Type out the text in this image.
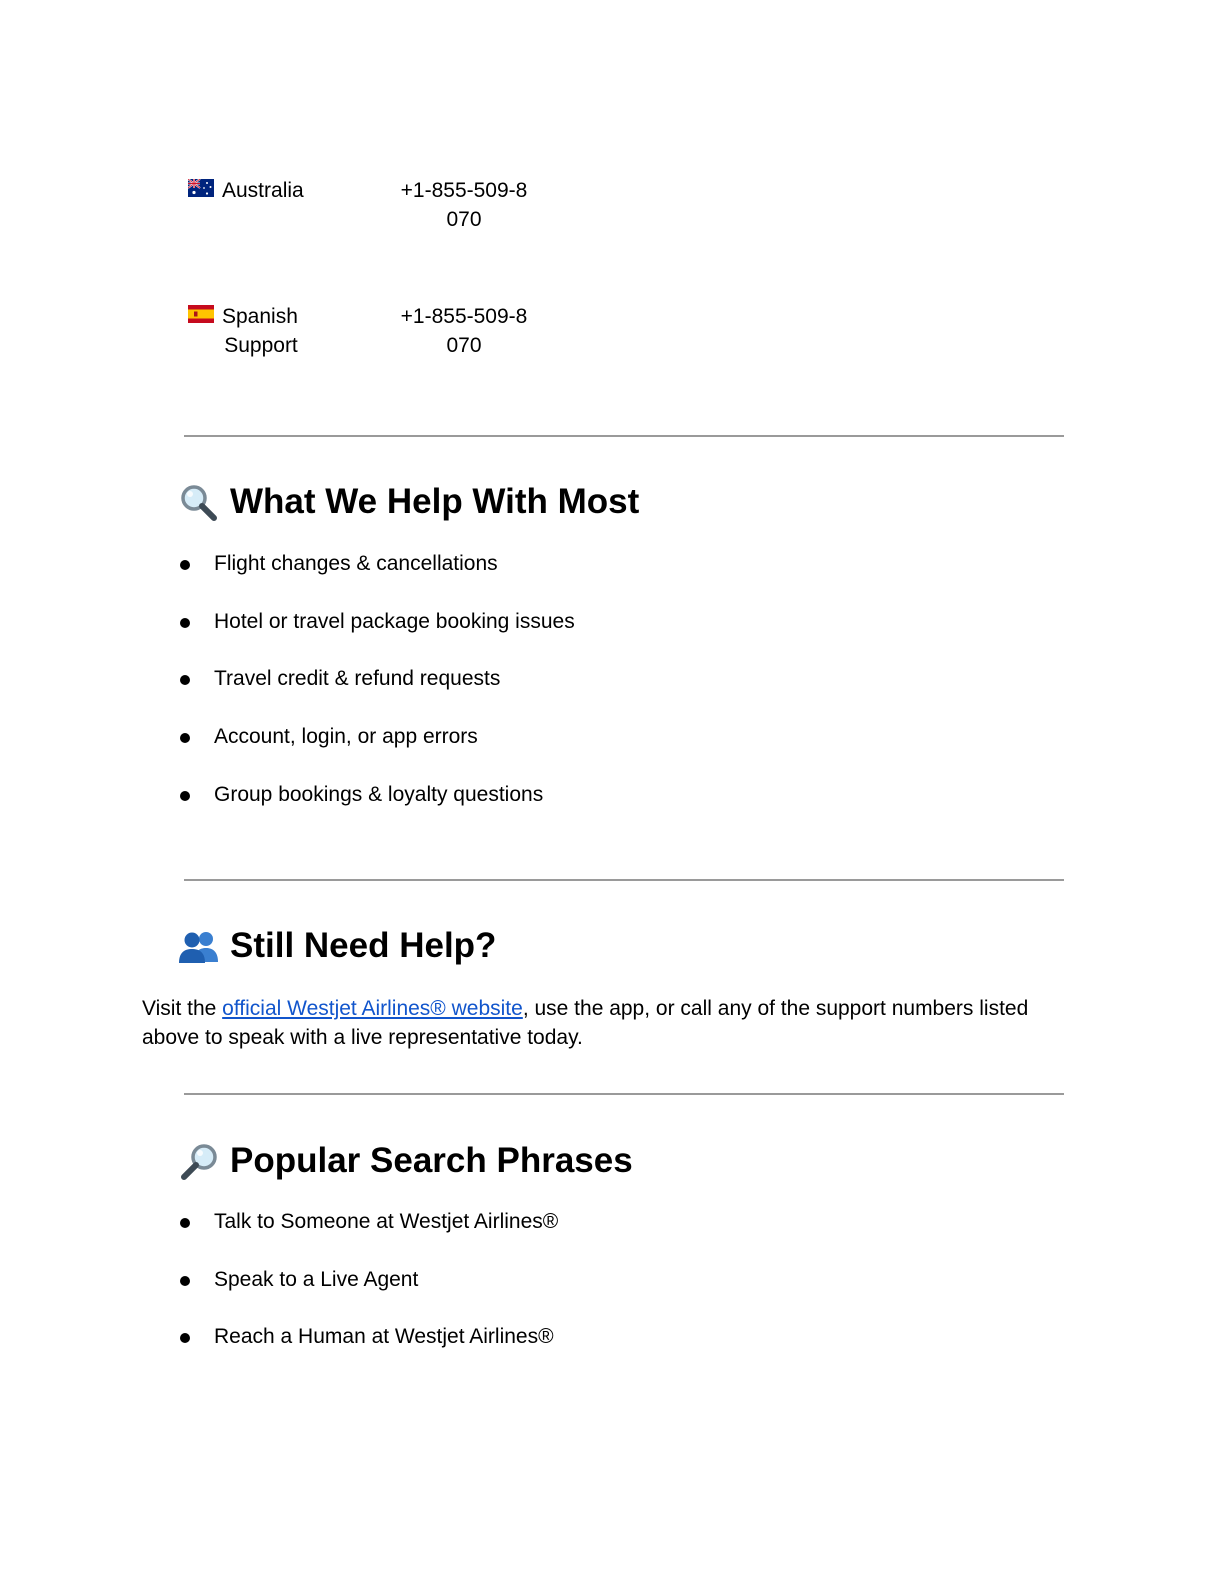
Australia	+1-855-509-8
070
Spanish
Support
+1-855-509-8
070
What We Help With Most
Flight changes & cancellations
Hotel or travel package booking issues
Travel credit & refund requests
Account, login, or app errors
Group bookings & loyalty questions
Still Need Help?
Visit the official Westjet Airlines® website, use the app, or call any of the support numbers listed above to speak with a live representative today.
Popular Search Phrases
Talk to Someone at Westjet Airlines®
Speak to a Live Agent
Reach a Human at Westjet Airlines®
